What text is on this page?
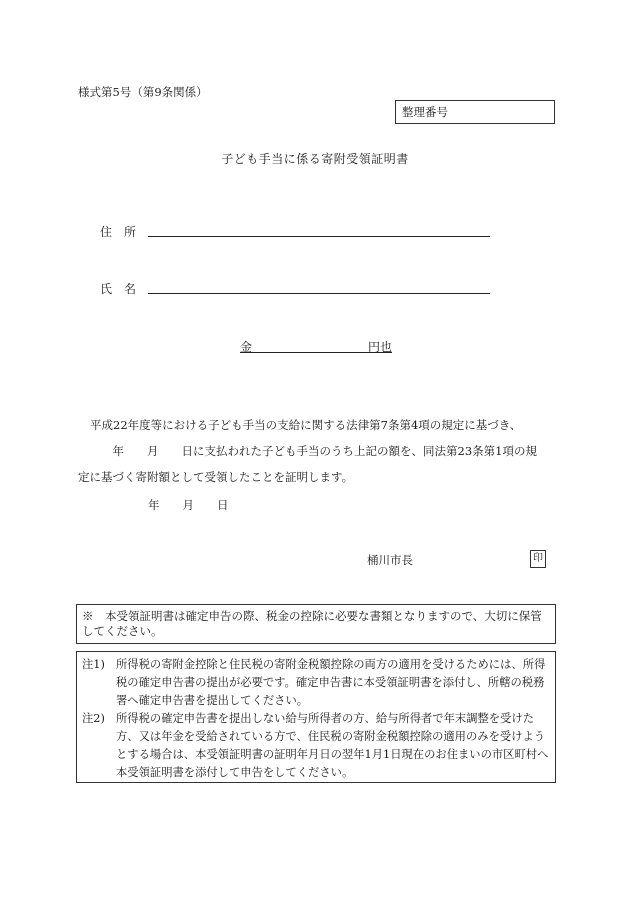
様式第5号（第9条関係）
整理番号
子ども手当に係る寄附受領証明書
住　所
氏　名
金	円也
平成22年度等における子ども手当の支給に関する法律第7条第4項の規定に基づき、
　　　年　　月　　日に支払われた子ども手当のうち上記の額を、同法第23条第1項の規
定に基づく寄附額として受領したことを証明します。
年　　月　　日
桶川市長	印
※　本受領証明書は確定申告の際、税金の控除に必要な書類となりますので、大切に保管　してください。
注1) 所得税の寄附金控除と住民税の寄附金税額控除の両方の適用を受けるためには、所得税の確定申告書の提出が必要です。確定申告書に本受領証明書を添付し、所轄の税務署へ確定申告書を提出してください。
注2) 所得税の確定申告書を提出しない給与所得者の方、給与所得者で年末調整を受けた方、又は年金を受給されている方で、住民税の寄附金税額控除の適用のみを受けようとする場合は、本受領証明書の証明年月日の翌年1月1日現在のお住まいの市区町村へ本受領証明書を添付して申告をしてください。
